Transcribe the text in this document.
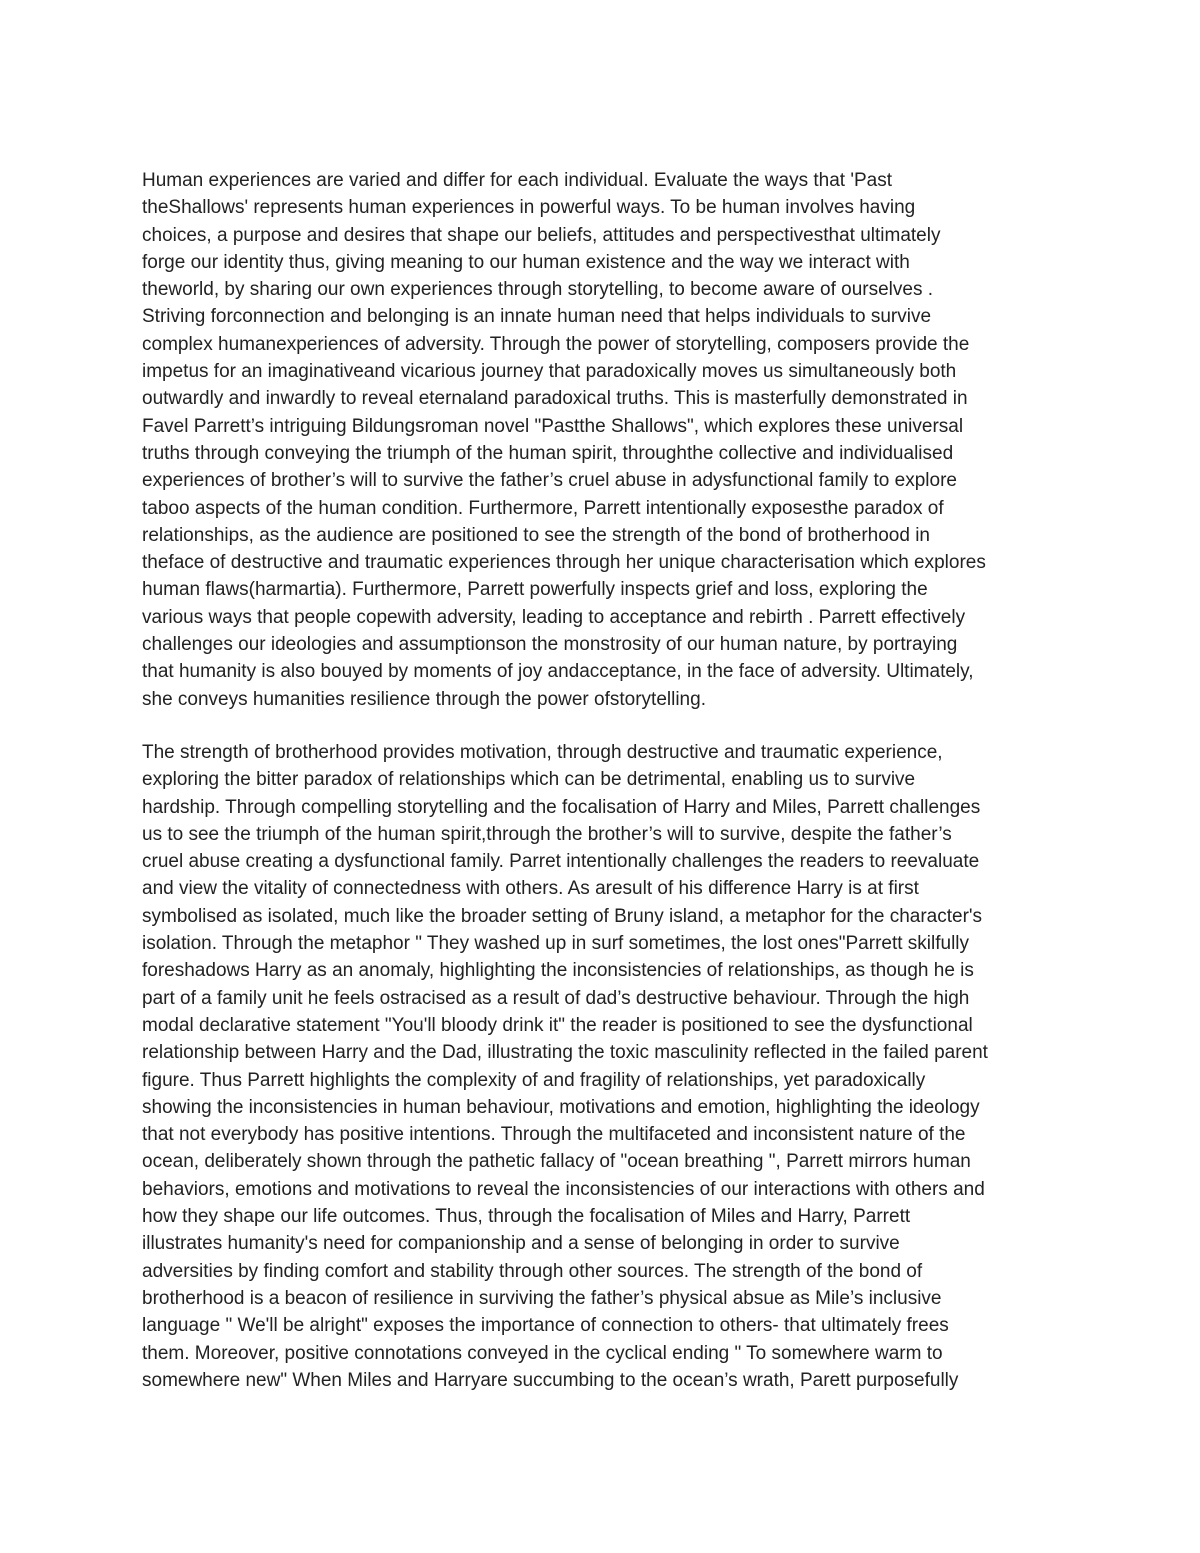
Human experiences are varied and differ for each individual. Evaluate the ways that 'Past
theShallows' represents human experiences in powerful ways. To be human involves having
choices, a purpose and desires that shape our beliefs, attitudes and perspectivesthat ultimately
forge our identity thus, giving meaning to our human existence and the way we interact with
theworld, by sharing our own experiences through storytelling, to become aware of ourselves .
Striving forconnection and belonging is an innate human need that helps individuals to survive
complex humanexperiences of adversity. Through the power of storytelling, composers provide the
impetus for an imaginativeand vicarious journey that paradoxically moves us simultaneously both
outwardly and inwardly to reveal eternaland paradoxical truths. This is masterfully demonstrated in
Favel Parrett’s intriguing Bildungsroman novel "Pastthe Shallows", which explores these universal
truths through conveying the triumph of the human spirit, throughthe collective and individualised
experiences of brother’s will to survive the father’s cruel abuse in adysfunctional family to explore
taboo aspects of the human condition. Furthermore, Parrett intentionally exposesthe paradox of
relationships, as the audience are positioned to see the strength of the bond of brotherhood in
theface of destructive and traumatic experiences through her unique characterisation which explores
human flaws(harmartia). Furthermore, Parrett powerfully inspects grief and loss, exploring the
various ways that people copewith adversity, leading to acceptance and rebirth . Parrett effectively
challenges our ideologies and assumptionson the monstrosity of our human nature, by portraying
that humanity is also bouyed by moments of joy andacceptance, in the face of adversity. Ultimately,
she conveys humanities resilience through the power ofstorytelling.
The strength of brotherhood provides motivation, through destructive and traumatic experience,
exploring the bitter paradox of relationships which can be detrimental, enabling us to survive
hardship. Through compelling storytelling and the focalisation of Harry and Miles, Parrett challenges
us to see the triumph of the human spirit,through the brother’s will to survive, despite the father’s
cruel abuse creating a dysfunctional family. Parret intentionally challenges the readers to reevaluate
and view the vitality of connectedness with others. As aresult of his difference Harry is at first
symbolised as isolated, much like the broader setting of Bruny island, a metaphor for the character's
isolation. Through the metaphor " They washed up in surf sometimes, the lost ones"Parrett skilfully
foreshadows Harry as an anomaly, highlighting the inconsistencies of relationships, as though he is
part of a family unit he feels ostracised as a result of dad’s destructive behaviour. Through the high
modal declarative statement "You'll bloody drink it" the reader is positioned to see the dysfunctional
relationship between Harry and the Dad, illustrating the toxic masculinity reflected in the failed parent
figure. Thus Parrett highlights the complexity of and fragility of relationships, yet paradoxically
showing the inconsistencies in human behaviour, motivations and emotion, highlighting the ideology
that not everybody has positive intentions. Through the multifaceted and inconsistent nature of the
ocean, deliberately shown through the pathetic fallacy of "ocean breathing ", Parrett mirrors human
behaviors, emotions and motivations to reveal the inconsistencies of our interactions with others and
how they shape our life outcomes. Thus, through the focalisation of Miles and Harry, Parrett
illustrates humanity's need for companionship and a sense of belonging in order to survive
adversities by finding comfort and stability through other sources. The strength of the bond of
brotherhood is a beacon of resilience in surviving the father’s physical absue as Mile’s inclusive
language " We'll be alright" exposes the importance of connection to others- that ultimately frees
them. Moreover, positive connotations conveyed in the cyclical ending " To somewhere warm to
somewhere new" When Miles and Harryare succumbing to the ocean’s wrath, Parett purposefully
